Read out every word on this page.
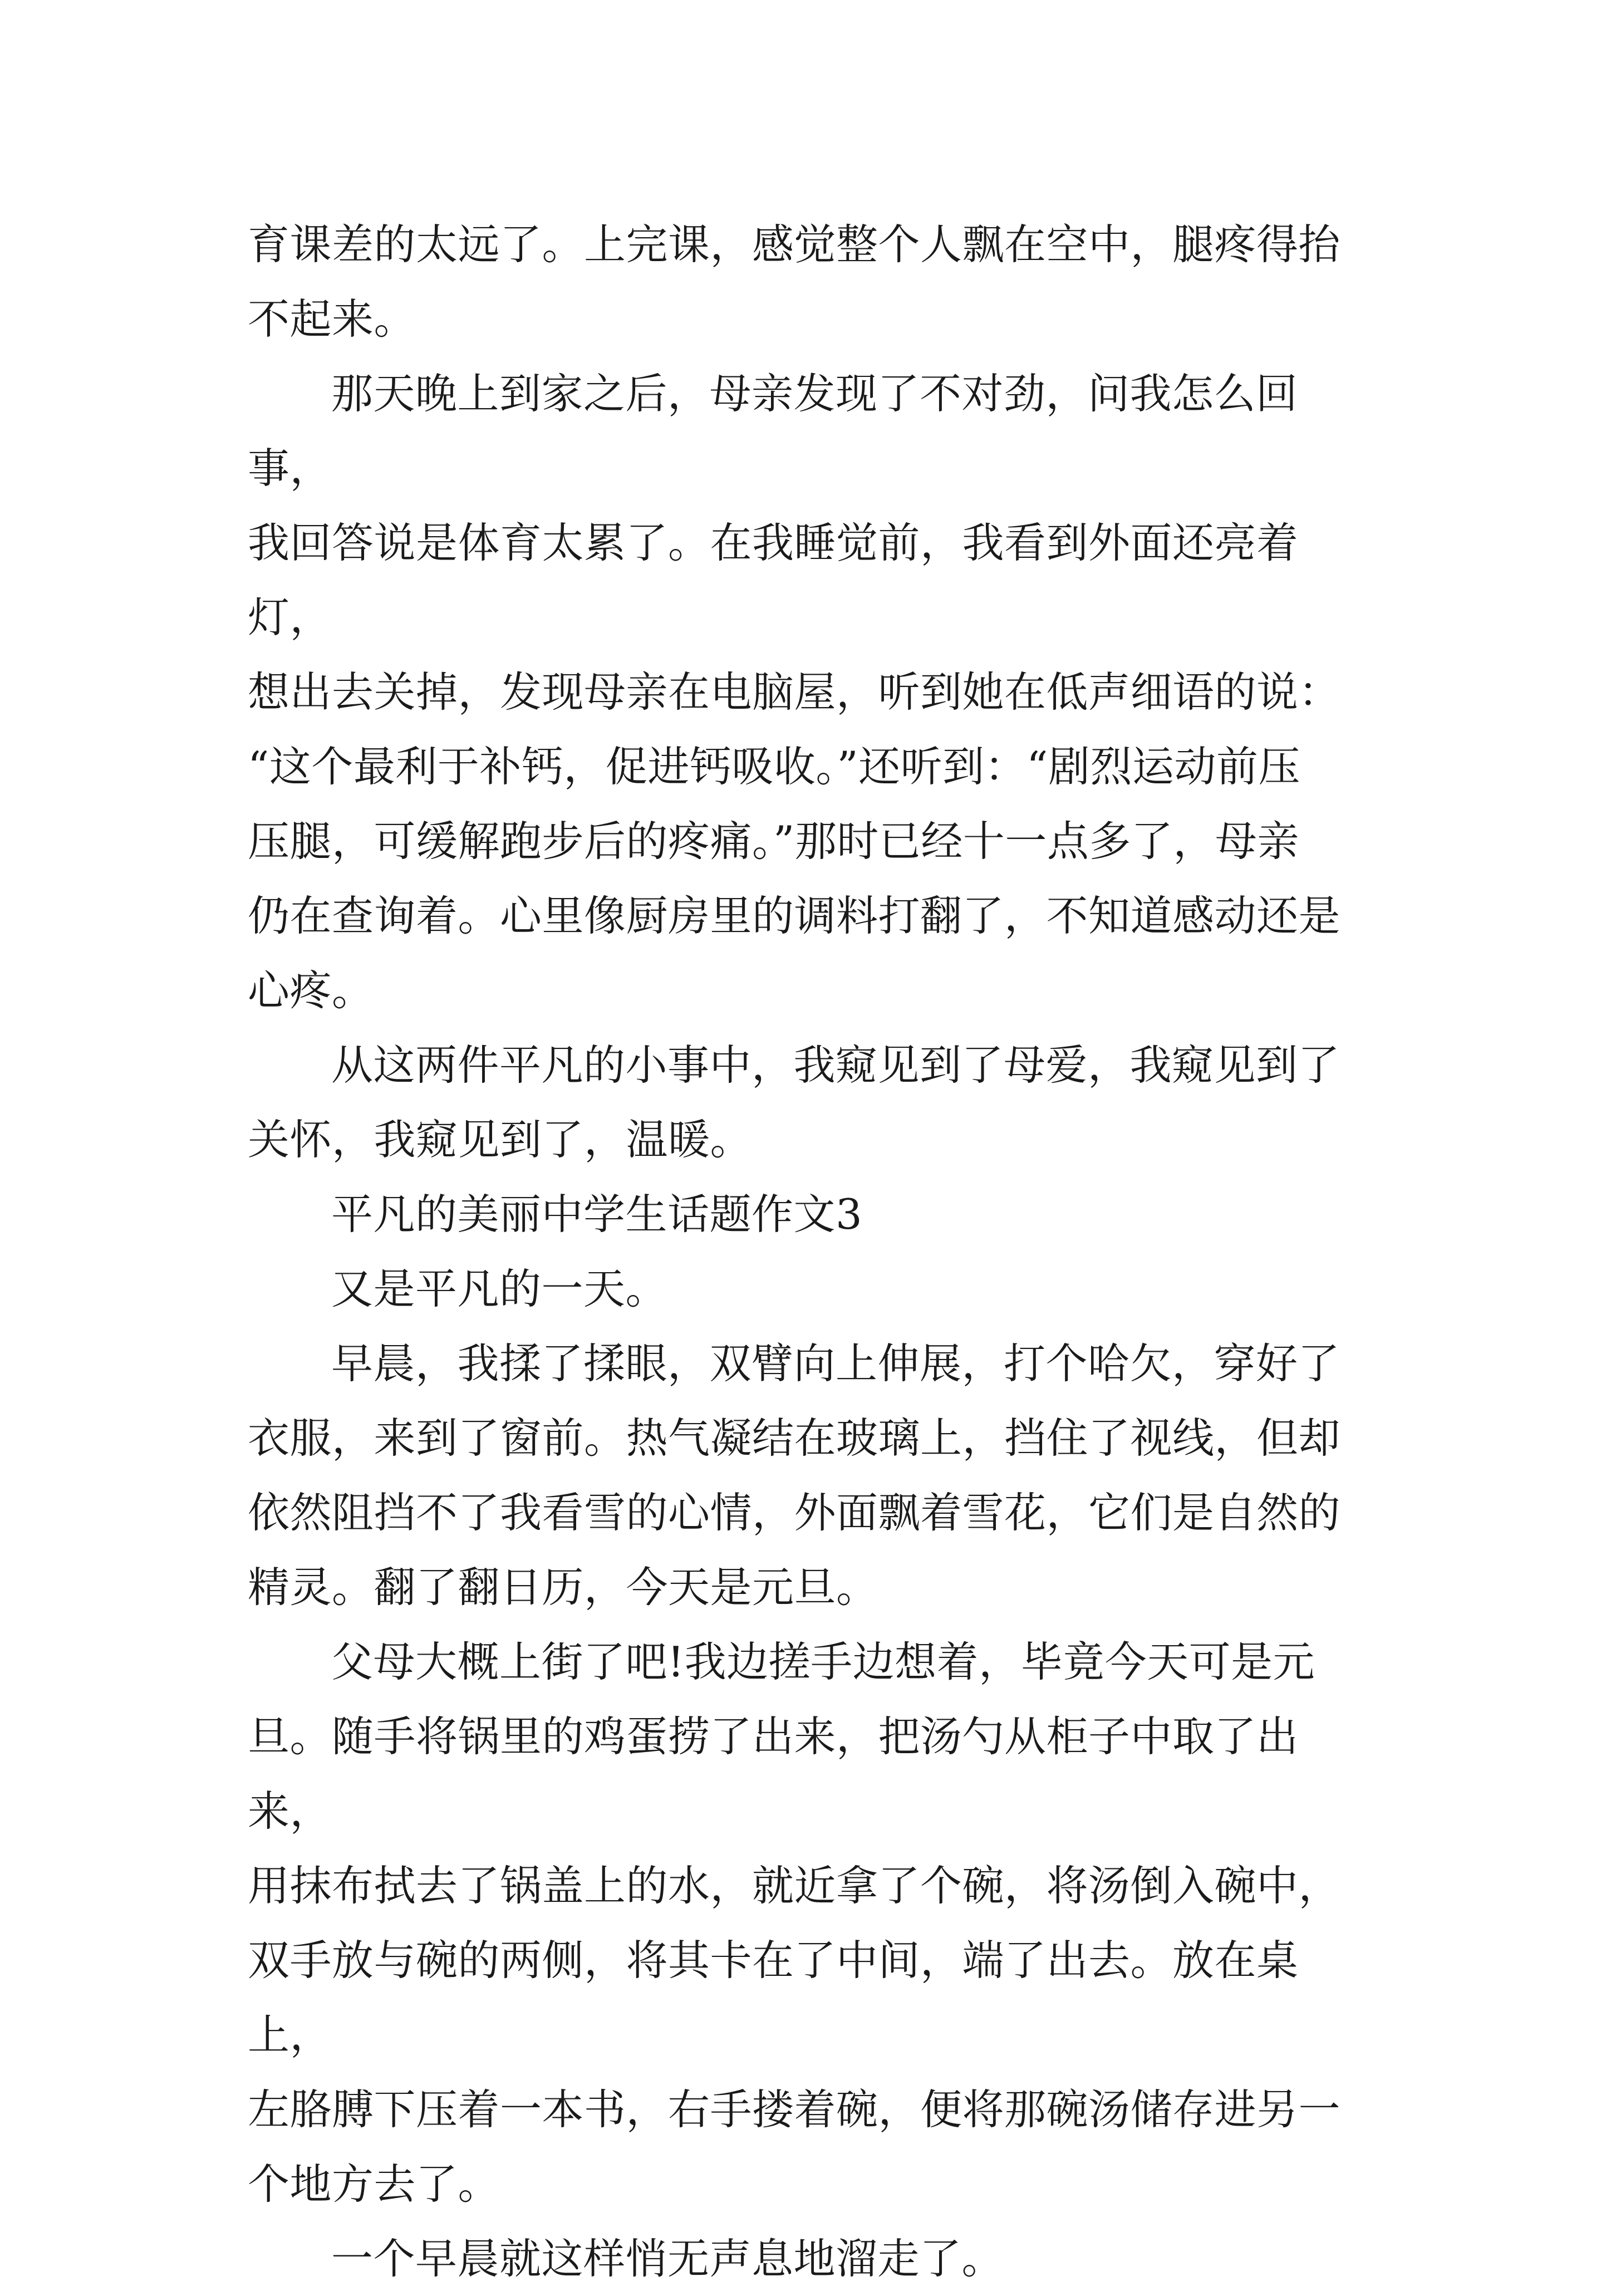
育课差的太远了。上完课，感觉整个人飘在空中，腿疼得抬
不起来。

那天晚上到家之后，母亲发现了不对劲，问我怎么回事，
我回答说是体育太累了。在我睡觉前，我看到外面还亮着灯，
想出去关掉，发现母亲在电脑屋，听到她在低声细语的说：
“这个最利于补钙，促进钙吸收。”还听到：“剧烈运动前压
压腿，可缓解跑步后的疼痛。”那时已经十一点多了，母亲
仍在查询着。心里像厨房里的调料打翻了，不知道感动还是
心疼。

从这两件平凡的小事中，我窥见到了母爱，我窥见到了
关怀，我窥见到了，温暖。

平凡的美丽中学生话题作文3

又是平凡的一天。

早晨，我揉了揉眼，双臂向上伸展，打个哈欠，穿好了
衣服，来到了窗前。热气凝结在玻璃上，挡住了视线，但却
依然阻挡不了我看雪的心情，外面飘着雪花，它们是自然的
精灵。翻了翻日历，今天是元旦。

父母大概上街了吧!我边搓手边想着，毕竟今天可是元
旦。随手将锅里的鸡蛋捞了出来，把汤勺从柜子中取了出来，
用抹布拭去了锅盖上的水，就近拿了个碗，将汤倒入碗中，
双手放与碗的两侧，将其卡在了中间，端了出去。放在桌上，
左胳膊下压着一本书，右手搂着碗，便将那碗汤储存进另一
个地方去了。

一个早晨就这样悄无声息地溜走了。
